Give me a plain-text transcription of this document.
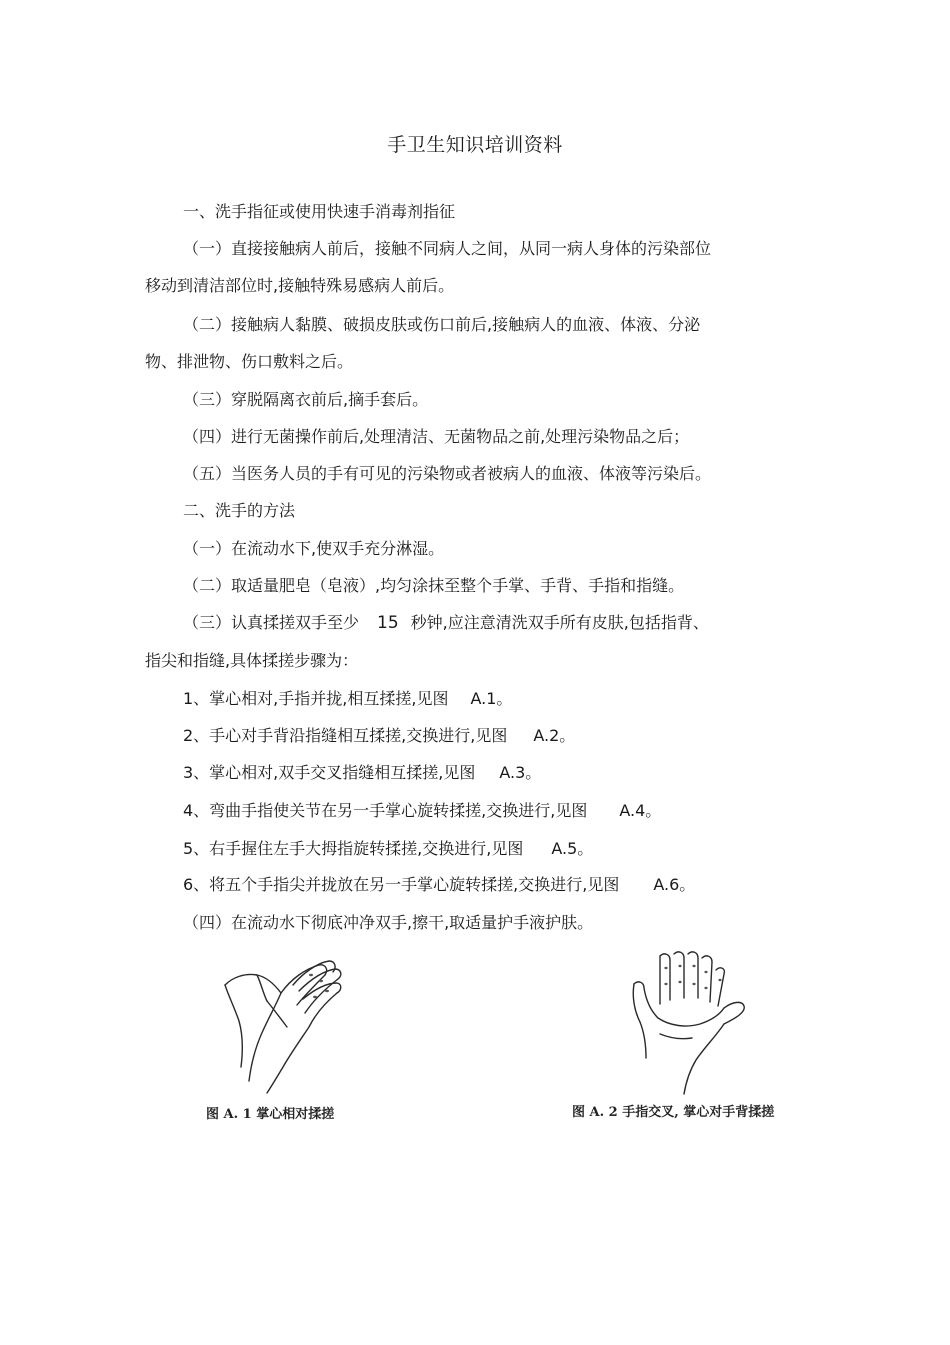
手卫生知识培训资料
一、洗手指征或使用快速手消毒剂指征
（一）直接接触病人前后，接触不同病人之间，从同一病人身体的污染部位
移动到清洁部位时,接触特殊易感病人前后。
（二）接触病人黏膜、破损皮肤或伤口前后,接触病人的血液、体液、分泌
物、排泄物、伤口敷料之后。
（三）穿脱隔离衣前后,摘手套后。
（四）进行无菌操作前后,处理清洁、无菌物品之前,处理污染物品之后；
（五）当医务人员的手有可见的污染物或者被病人的血液、体液等污染后。
二、洗手的方法
（一）在流动水下,使双手充分淋湿。
（二）取适量肥皂（皂液）,均匀涂抹至整个手掌、手背、手指和指缝。
（三）认真揉搓双手至少 15 秒钟,应注意清洗双手所有皮肤,包括指背、
指尖和指缝,具体揉搓步骤为：
1、掌心相对,手指并拢,相互揉搓,见图 A.1。
2、手心对手背沿指缝相互揉搓,交换进行,见图 A.2。
3、掌心相对,双手交叉指缝相互揉搓,见图 A.3。
4、弯曲手指使关节在另一手掌心旋转揉搓,交换进行,见图 A.4。
5、右手握住左手大拇指旋转揉搓,交换进行,见图 A.5。
6、将五个手指尖并拢放在另一手掌心旋转揉搓,交换进行,见图 A.6。
（四）在流动水下彻底冲净双手,擦干,取适量护手液护肤。
图 A. 1 掌心相对揉搓	图 A. 2 手指交叉, 掌心对手背揉搓
